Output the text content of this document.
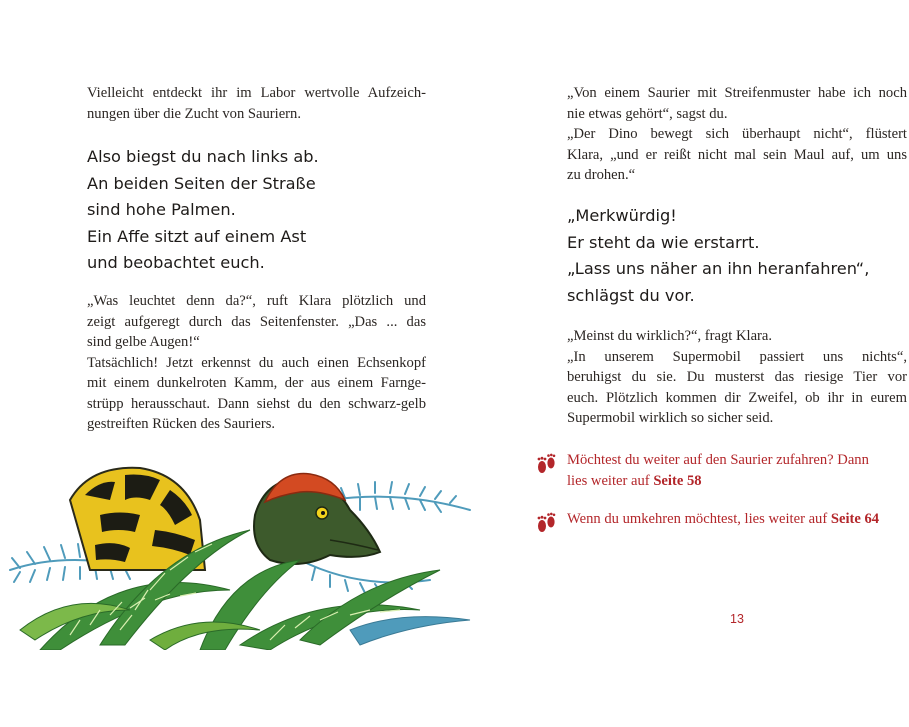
Vielleicht entdeckt ihr im Labor wertvolle Aufzeich-
nungen über die Zucht von Sauriern.

Also biegst du nach links ab.
An beiden Seiten der Straße
sind hohe Palmen.
Ein Affe sitzt auf einem Ast
und beobachtet euch.

„Was leuchtet denn da?“, ruft Klara plötzlich und
zeigt aufgeregt durch das Seitenfenster. „Das ... das
sind gelbe Augen!“
Tatsächlich! Jetzt erkennst du auch einen Echsenkopf
mit einem dunkelroten Kamm, der aus einem Farnge-
strüpp herausschaut. Dann siehst du den schwarz-gelb
gestreiften Rücken des Sauriers.

„Von einem Saurier mit Streifenmuster habe ich noch
nie etwas gehört“, sagst du.
„Der Dino bewegt sich überhaupt nicht“, flüstert
Klara, „und er reißt nicht mal sein Maul auf, um uns
zu drohen.“

„Merkwürdig!
Er steht da wie erstarrt.
„Lass uns näher an ihn heranfahren“,
schlägst du vor.

„Meinst du wirklich?“, fragt Klara.
„In unserem Supermobil passiert uns nichts“,
beruhigst du sie. Du musterst das riesige Tier vor
euch. Plötzlich kommen dir Zweifel, ob ihr in eurem
Supermobil wirklich so sicher seid.

Möchtest du weiter auf den Saurier zufahren? Dann
lies weiter auf Seite 58
Wenn du umkehren möchtest, lies weiter auf Seite 64
13
